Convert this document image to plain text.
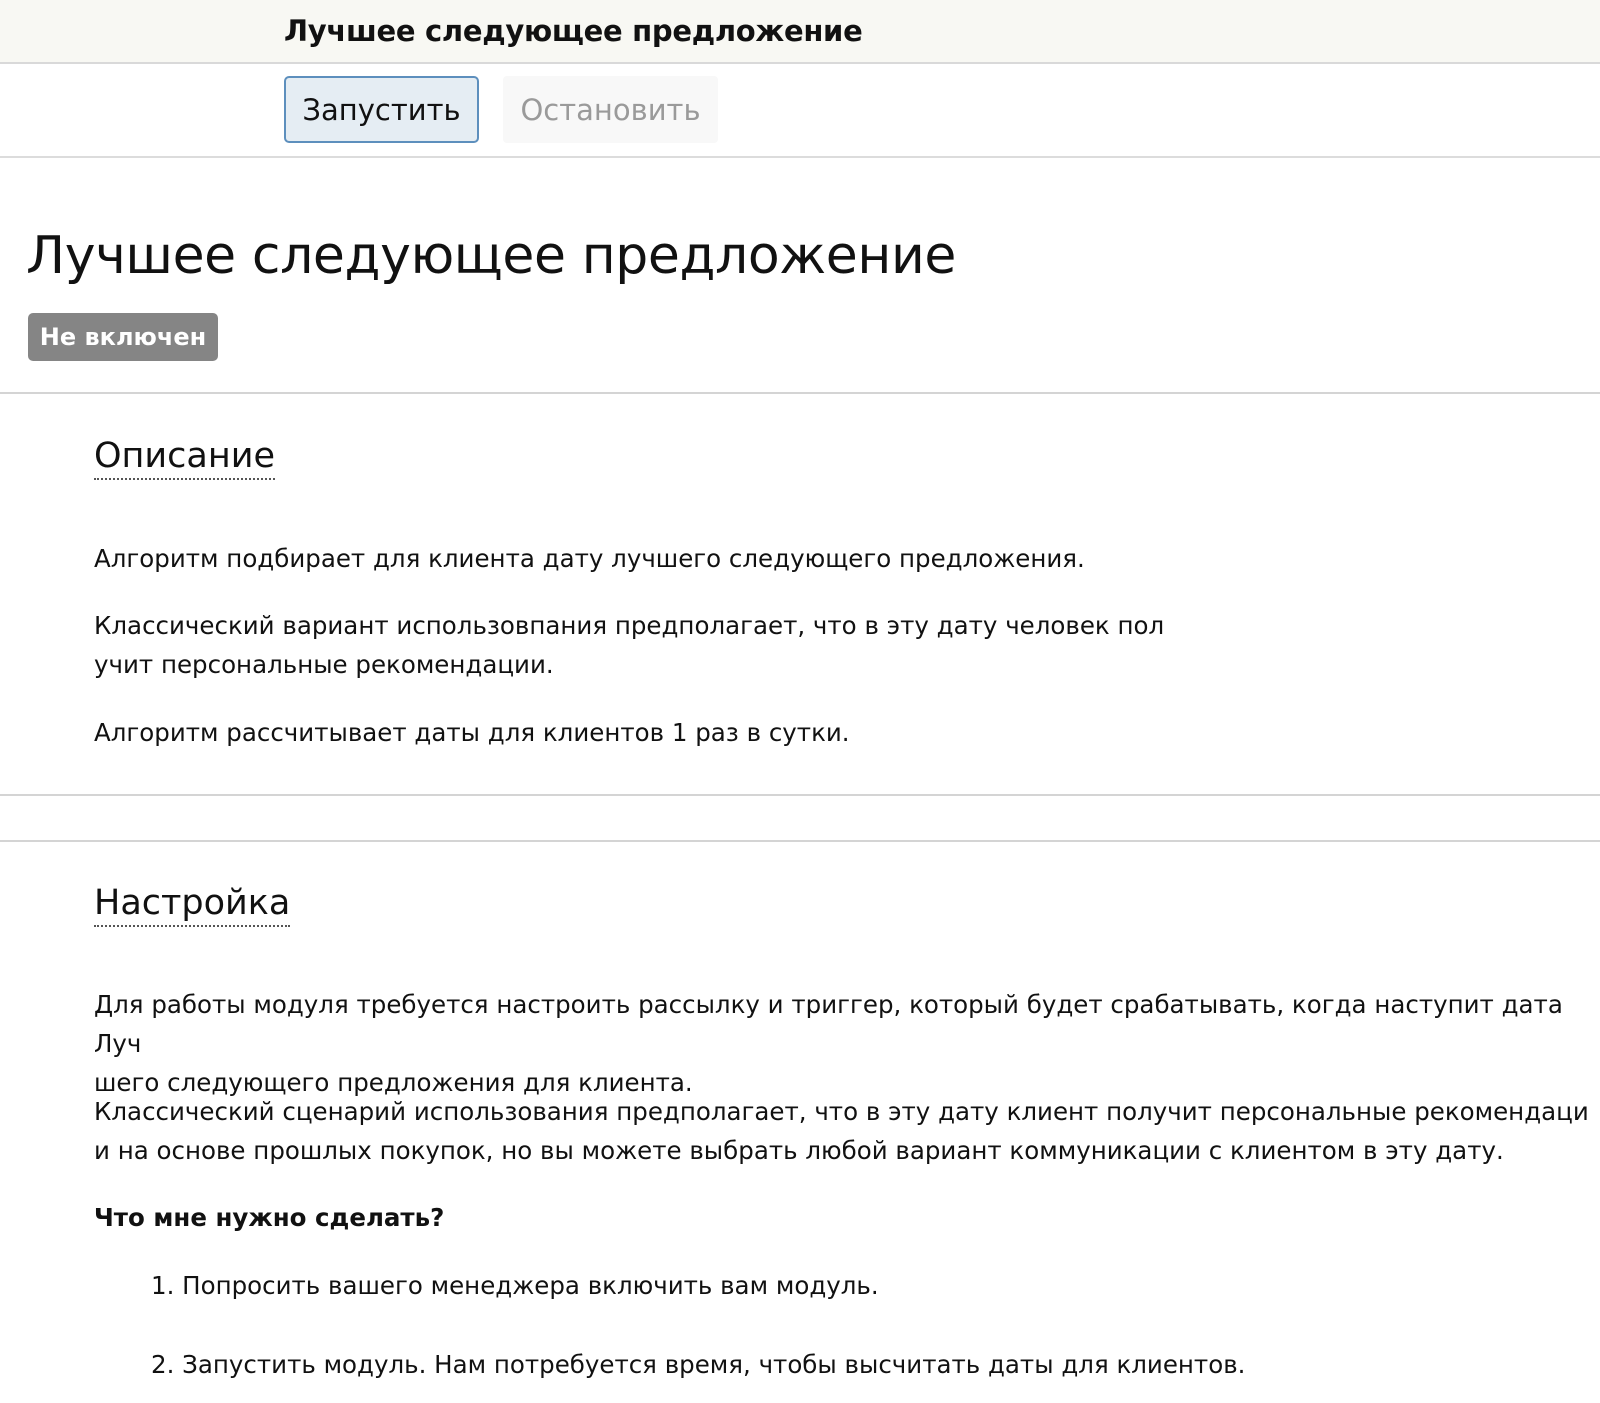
Лучшее следующее предложение
Запустить	Остановить
Лучшее следующее предложение
Не включен
Описание

Алгоритм подбирает для клиента дату лучшего следующего предложения.

Классический вариант использовпания предполагает, что в эту дату человек пол
учит персональные рекомендации.

Алгоритм рассчитывает даты для клиентов 1 раз в сутки.

Настройка

Для работы модуля требуется настроить рассылку и триггер, который будет срабатывать, когда наступит дата Луч
шего следующего предложения для клиента.

Классический сценарий использования предполагает, что в эту дату клиент получит персональные рекомендаци
и на основе прошлых покупок, но вы можете выбрать любой вариант коммуникации с клиентом в эту дату.

Что мне нужно сделать?

1. Попросить вашего менеджера включить вам модуль.

2. Запустить модуль. Нам потребуется время, чтобы высчитать даты для клиентов.
